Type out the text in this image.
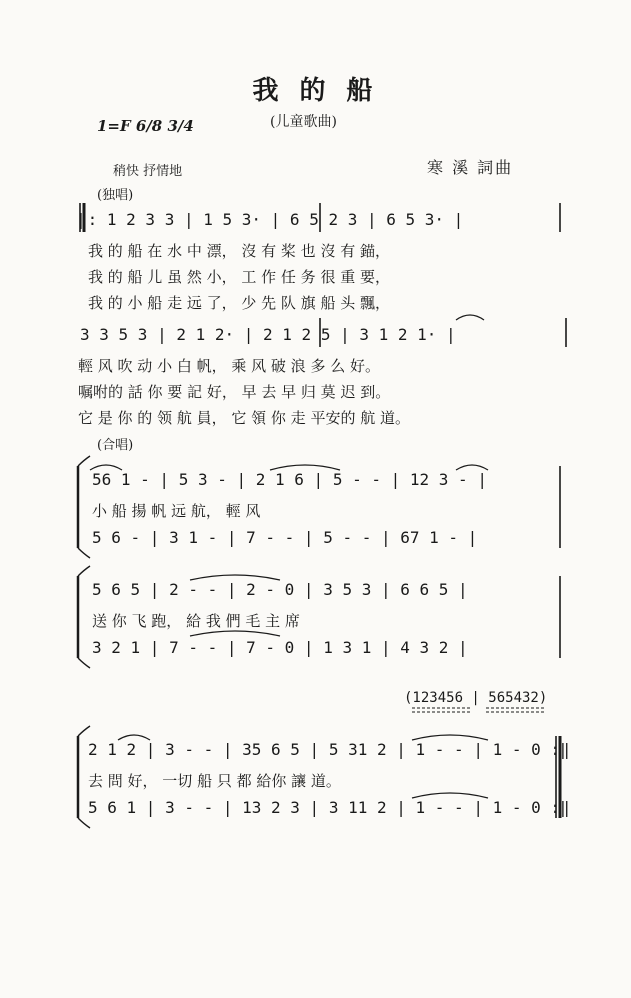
我 的 船
1=F 6/8 3/4	(儿童歌曲)
稍快 抒情地	寒 溪 詞曲
(独唱)
‖: 1 2 3 3 | 1 5 3· | 6 5 2 3 | 6 5 3· |
我 的 船 在 水 中 漂， 沒 有 桨 也 沒 有 錨，
我 的 船 儿 虽 然 小， 工 作 任 务 很 重 要，
我 的 小 船 走 远 了， 少 先 队 旗 船 头 飄，
3 3 5 3 | 2 1 2· | 2 1 2 5 | 3 1 2 1· |
輕 风 吹 动 小 白 帆， 乘 风 破 浪 多 么 好。
嘱咐的 話 你 要 記 好， 早 去 早 归 莫 迟 到。
它 是 你 的 领 航 員， 它 領 你 走 平安的 航 道。
(合唱)
56 1 - | 5 3 - | 2 1 6 | 5 - - | 12 3 - |
小 船 揚 帆 远 航， 輕 风
5 6 - | 3 1 - | 7 - - | 5 - - | 67 1 - |
5 6 5 | 2 - - | 2 - 0 | 3 5 3 | 6 6 5 |
送 你 飞 跑， 給 我 們 毛 主 席
3 2 1 | 7 - - | 7 - 0 | 1 3 1 | 4 3 2 |
(123456 | 565432)
2 1 2 | 3 - - | 35 6 5 | 5 31 2 | 1 - - | 1 - 0 :‖
去 問 好， 一切 船 只 都 給你 讓 道。
5 6 1 | 3 - - | 13 2 3 | 3 11 2 | 1 - - | 1 - 0 :‖
